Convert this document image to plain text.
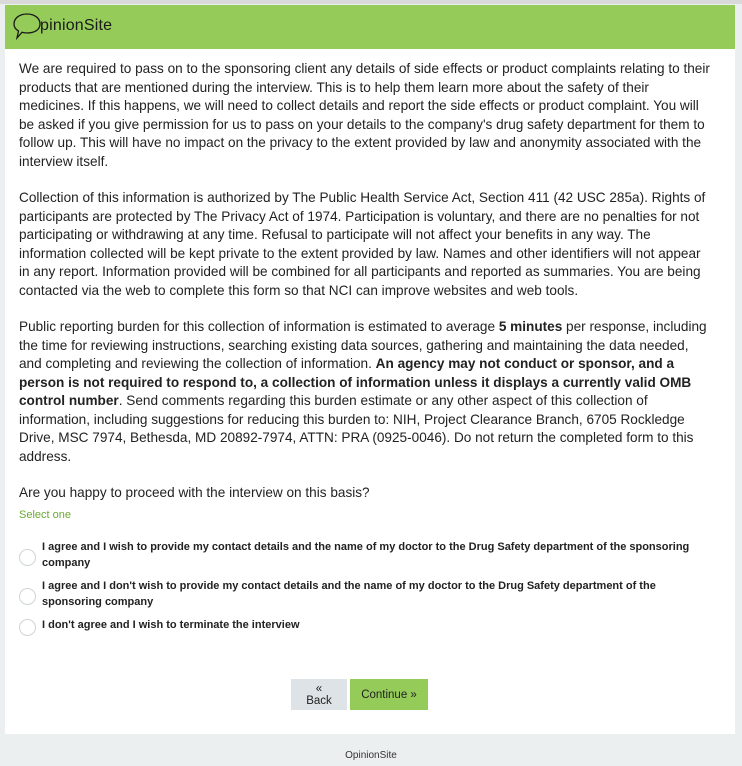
pinionSite

We are required to pass on to the sponsoring client any details of side effects or product complaints relating to their products that are mentioned during the interview. This is to help them learn more about the safety of their medicines. If this happens, we will need to collect details and report the side effects or product complaint. You will be asked if you give permission for us to pass on your details to the company's drug safety department for them to follow up. This will have no impact on the privacy to the extent provided by law and anonymity associated with the interview itself.

Collection of this information is authorized by The Public Health Service Act, Section 411 (42 USC 285a). Rights of participants are protected by The Privacy Act of 1974. Participation is voluntary, and there are no penalties for not participating or withdrawing at any time. Refusal to participate will not affect your benefits in any way. The information collected will be kept private to the extent provided by law. Names and other identifiers will not appear in any report. Information provided will be combined for all participants and reported as summaries. You are being contacted via the web to complete this form so that NCI can improve websites and web tools.

Public reporting burden for this collection of information is estimated to average 5 minutes per response, including the time for reviewing instructions, searching existing data sources, gathering and maintaining the data needed, and completing and reviewing the collection of information. An agency may not conduct or sponsor, and a person is not required to respond to, a collection of information unless it displays a currently valid OMB control number. Send comments regarding this burden estimate or any other aspect of this collection of information, including suggestions for reducing this burden to: NIH, Project Clearance Branch, 6705 Rockledge Drive, MSC 7974, Bethesda, MD 20892-7974, ATTN: PRA (0925-0046). Do not return the completed form to this address.

Are you happy to proceed with the interview on this basis?
Select one
I agree and I wish to provide my contact details and the name of my doctor to the Drug Safety department of the sponsoring company
I agree and I don't wish to provide my contact details and the name of my doctor to the Drug Safety department of the sponsoring company
I don't agree and I wish to terminate the interview
« Back	Continue »
OpinionSite
